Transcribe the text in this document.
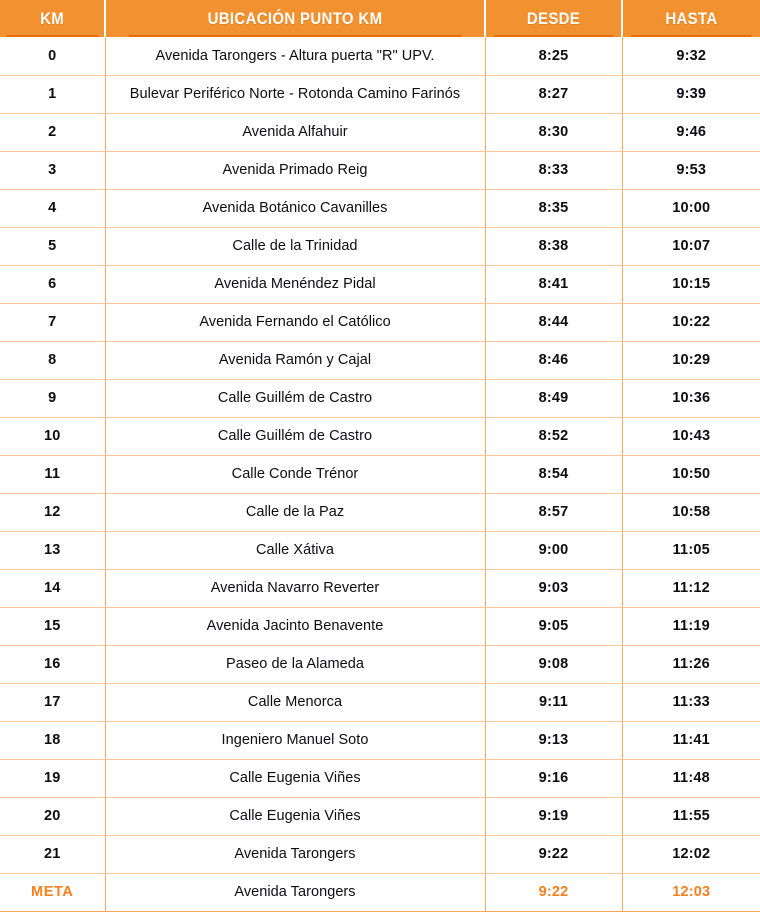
KM	UBICACIÓN PUNTO KM	DESDE	HASTA
0	Avenida Tarongers - Altura puerta "R" UPV.	8:25	9:32
1	Bulevar Periférico Norte - Rotonda Camino Farinós	8:27	9:39
2	Avenida Alfahuir	8:30	9:46
3	Avenida Primado Reig	8:33	9:53
4	Avenida Botánico Cavanilles	8:35	10:00
5	Calle de la Trinidad	8:38	10:07
6	Avenida Menéndez Pidal	8:41	10:15
7	Avenida Fernando el Católico	8:44	10:22
8	Avenida Ramón y Cajal	8:46	10:29
9	Calle Guillém de Castro	8:49	10:36
10	Calle Guillém de Castro	8:52	10:43
11	Calle Conde Trénor	8:54	10:50
12	Calle de la Paz	8:57	10:58
13	Calle Xátiva	9:00	11:05
14	Avenida Navarro Reverter	9:03	11:12
15	Avenida Jacinto Benavente	9:05	11:19
16	Paseo de la Alameda	9:08	11:26
17	Calle Menorca	9:11	11:33
18	Ingeniero Manuel Soto	9:13	11:41
19	Calle Eugenia Viñes	9:16	11:48
20	Calle Eugenia Viñes	9:19	11:55
21	Avenida Tarongers	9:22	12:02
META	Avenida Tarongers	9:22	12:03
